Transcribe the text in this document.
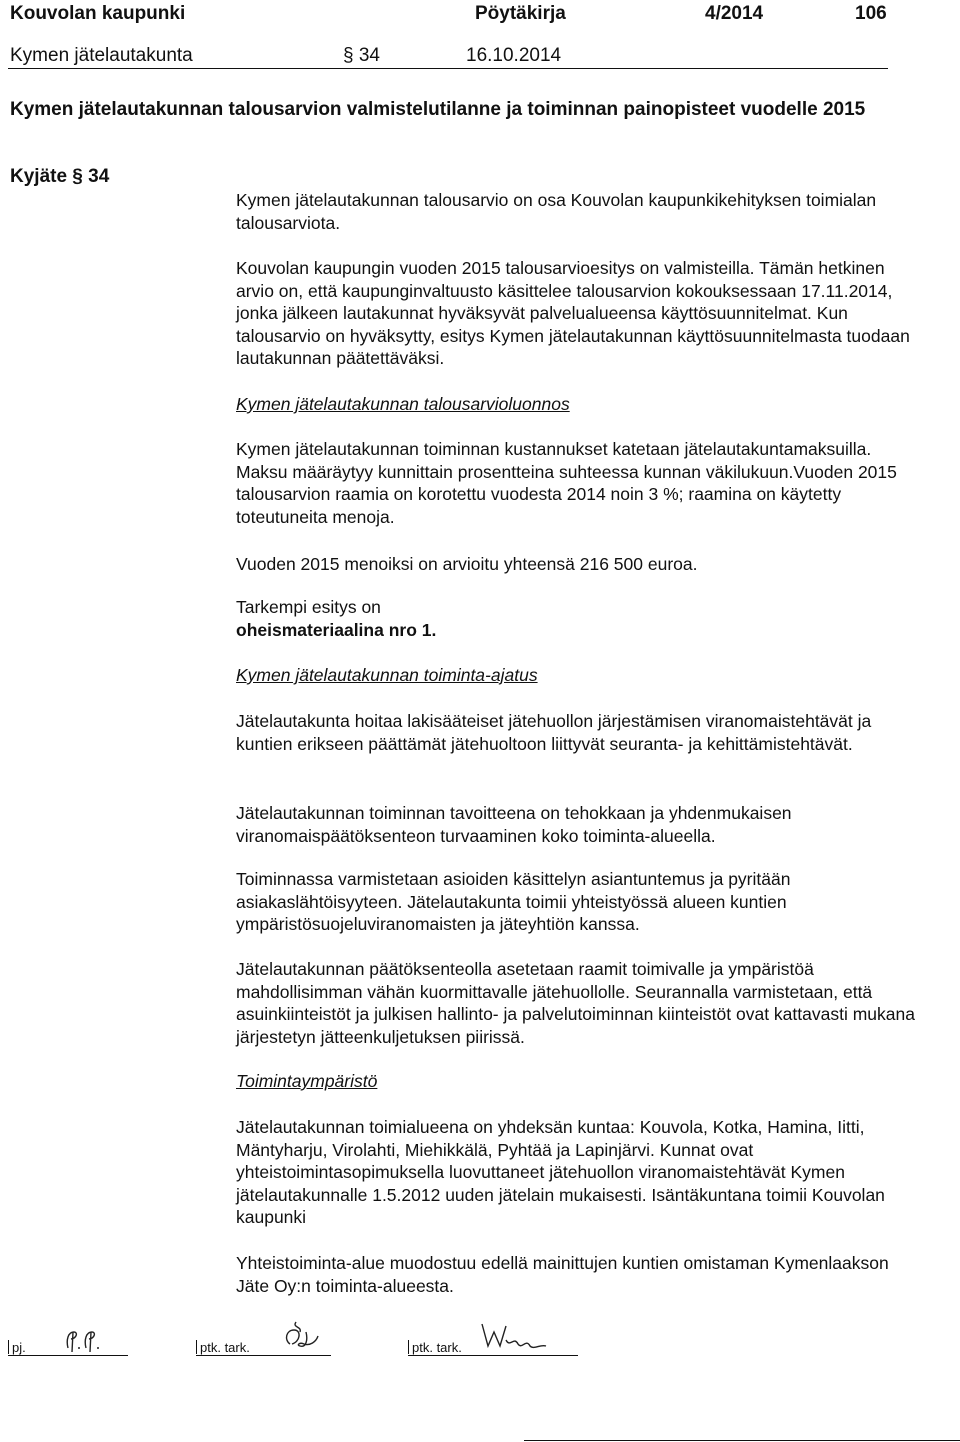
Kouvolan kaupunki	Pöytäkirja	4/2014	106
Kymen jätelautakunta	§ 34	16.10.2014
Kymen jätelautakunnan talousarvion valmistelutilanne ja toiminnan painopisteet vuodelle 2015
Kyjäte § 34

Kymen jätelautakunnan talousarvio on osa Kouvolan kaupunkikehityksen toimialan talousarviota.

Kouvolan kaupungin vuoden 2015 talousarvioesitys on valmisteilla. Tämän hetkinen arvio on, että kaupunginvaltuusto käsittelee talousarvion kokouksessaan 17.11.2014, jonka jälkeen lautakunnat hyväksyvät palvelualueensa käyttösuunnitelmat. Kun talousarvio on hyväksytty, esitys Kymen jätelautakunnan käyttösuunnitelmasta tuodaan lautakunnan päätettäväksi.

Kymen jätelautakunnan talousarvioluonnos

Kymen jätelautakunnan toiminnan kustannukset katetaan jätelautakuntamaksuilla. Maksu määräytyy kunnittain prosentteina suhteessa kunnan väkilukuun.Vuoden 2015 talousarvion raamia on korotettu vuodesta 2014 noin 3 %; raamina on käytetty toteutuneita menoja.

Vuoden 2015 menoiksi on arvioitu yhteensä 216 500 euroa.

Tarkempi esitys on

oheismateriaalina nro 1.

Kymen jätelautakunnan toiminta-ajatus

Jätelautakunta hoitaa lakisääteiset jätehuollon järjestämisen viranomaistehtävät ja kuntien erikseen päättämät jätehuoltoon liittyvät seuranta- ja kehittämistehtävät.

Jätelautakunnan toiminnan tavoitteena on tehokkaan ja yhdenmukaisen viranomaispäätöksenteon turvaaminen koko toiminta-alueella.

Toiminnassa varmistetaan asioiden käsittelyn asiantuntemus ja pyritään asiakaslähtöisyyteen. Jätelautakunta toimii yhteistyössä alueen kuntien ympäristösuojeluviranomaisten ja jäteyhtiön kanssa.

Jätelautakunnan päätöksenteolla asetetaan raamit toimivalle ja ympäristöä mahdollisimman vähän kuormittavalle jätehuollolle. Seurannalla varmistetaan, että asuinkiinteistöt ja julkisen hallinto- ja palvelutoiminnan kiinteistöt ovat kattavasti mukana järjestetyn jätteenkuljetuksen piirissä.

Toimintaympäristö

Jätelautakunnan toimialueena on yhdeksän kuntaa: Kouvola, Kotka, Hamina, Iitti, Mäntyharju, Virolahti, Miehikkälä, Pyhtää ja Lapinjärvi. Kunnat ovat yhteistoimintasopimuksella luovuttaneet jätehuollon viranomaistehtävät Kymen jätelautakunnalle 1.5.2012 uuden jätelain mukaisesti. Isäntäkuntana toimii Kouvolan kaupunki

Yhteistoiminta-alue muodostuu edellä mainittujen kuntien omistaman Kymenlaakson Jäte Oy:n toiminta-alueesta.

pj.	ptk. tark.	ptk. tark.
